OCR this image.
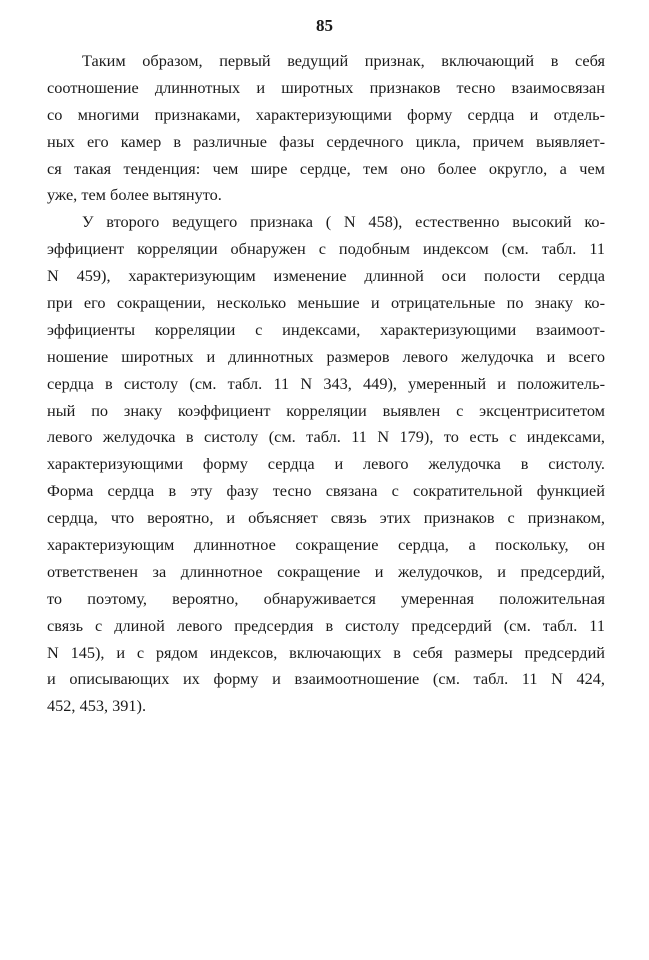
85
Таким образом, первый ведущий признак, включающий в себя
соотношение длиннотных и широтных признаков тесно взаимосвязан
со многими признаками, характеризующими форму сердца и отдель-
ных его камер в различные фазы сердечного цикла, причем выявляет-
ся такая тенденция: чем шире сердце, тем оно более округло, а чем
уже, тем более вытянуто.
У второго ведущего признака ( N 458), естественно высокий ко-
эффициент корреляции обнаружен с подобным индексом (см. табл. 11
N 459), характеризующим изменение длинной оси полости сердца
при его сокращении, несколько меньшие и отрицательные по знаку ко-
эффициенты корреляции с индексами, характеризующими взаимоот-
ношение широтных и длиннотных размеров левого желудочка и всего
сердца в систолу (см. табл. 11 N 343, 449), умеренный и положитель-
ный по знаку коэффициент корреляции выявлен с эксцентриситетом
левого желудочка в систолу (см. табл. 11 N 179), то есть с индексами,
характеризующими форму сердца и левого желудочка в систолу.
Форма сердца в эту фазу тесно связана с сократительной функцией
сердца, что вероятно, и объясняет связь этих признаков с признаком,
характеризующим длиннотное сокращение сердца, а поскольку, он
ответственен за длиннотное сокращение и желудочков, и предсердий,
то поэтому, вероятно, обнаруживается умеренная положительная
связь с длиной левого предсердия в систолу предсердий (см. табл. 11
N 145), и с рядом индексов, включающих в себя размеры предсердий
и описывающих их форму и взаимоотношение (см. табл. 11 N 424,
452, 453, 391).
